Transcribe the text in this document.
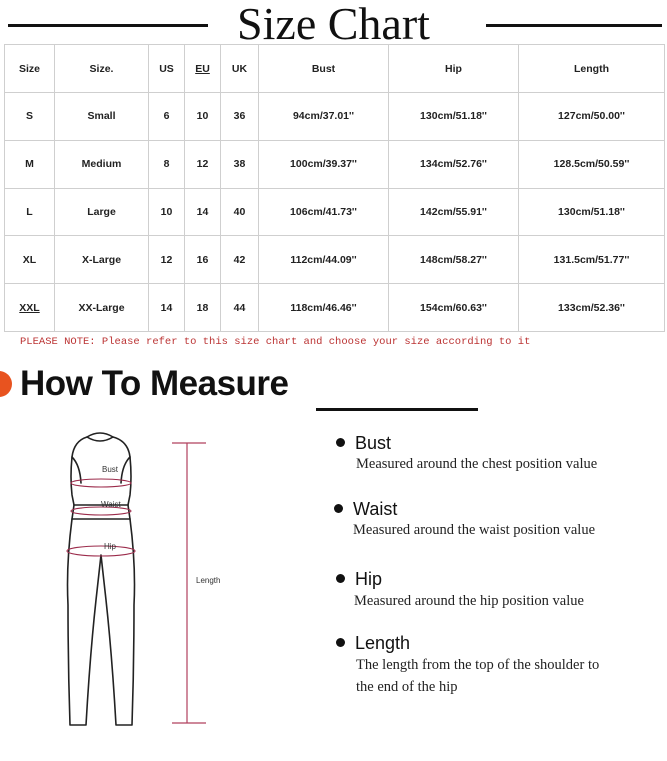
Size Chart
Size	Size.	US	EU	UK	Bust	Hip	Length
S	Small	6	10	36	94cm/37.01''	130cm/51.18''	127cm/50.00''
M	Medium	8	12	38	100cm/39.37''	134cm/52.76''	128.5cm/50.59''
L	Large	10	14	40	106cm/41.73''	142cm/55.91''	130cm/51.18''
XL	X-Large	12	16	42	112cm/44.09''	148cm/58.27''	131.5cm/51.77''
XXL	XX-Large	14	18	44	118cm/46.46''	154cm/60.63''	133cm/52.36''
PLEASE NOTE: Please refer to this size chart and choose your size according to it
How To Measure
Bust
Waist
Hip
Length
Bust
Measured around the chest position value
Waist
Measured around the waist position value
Hip
Measured around the hip position value
Length
The length from the top of the shoulder to
the end of the hip
